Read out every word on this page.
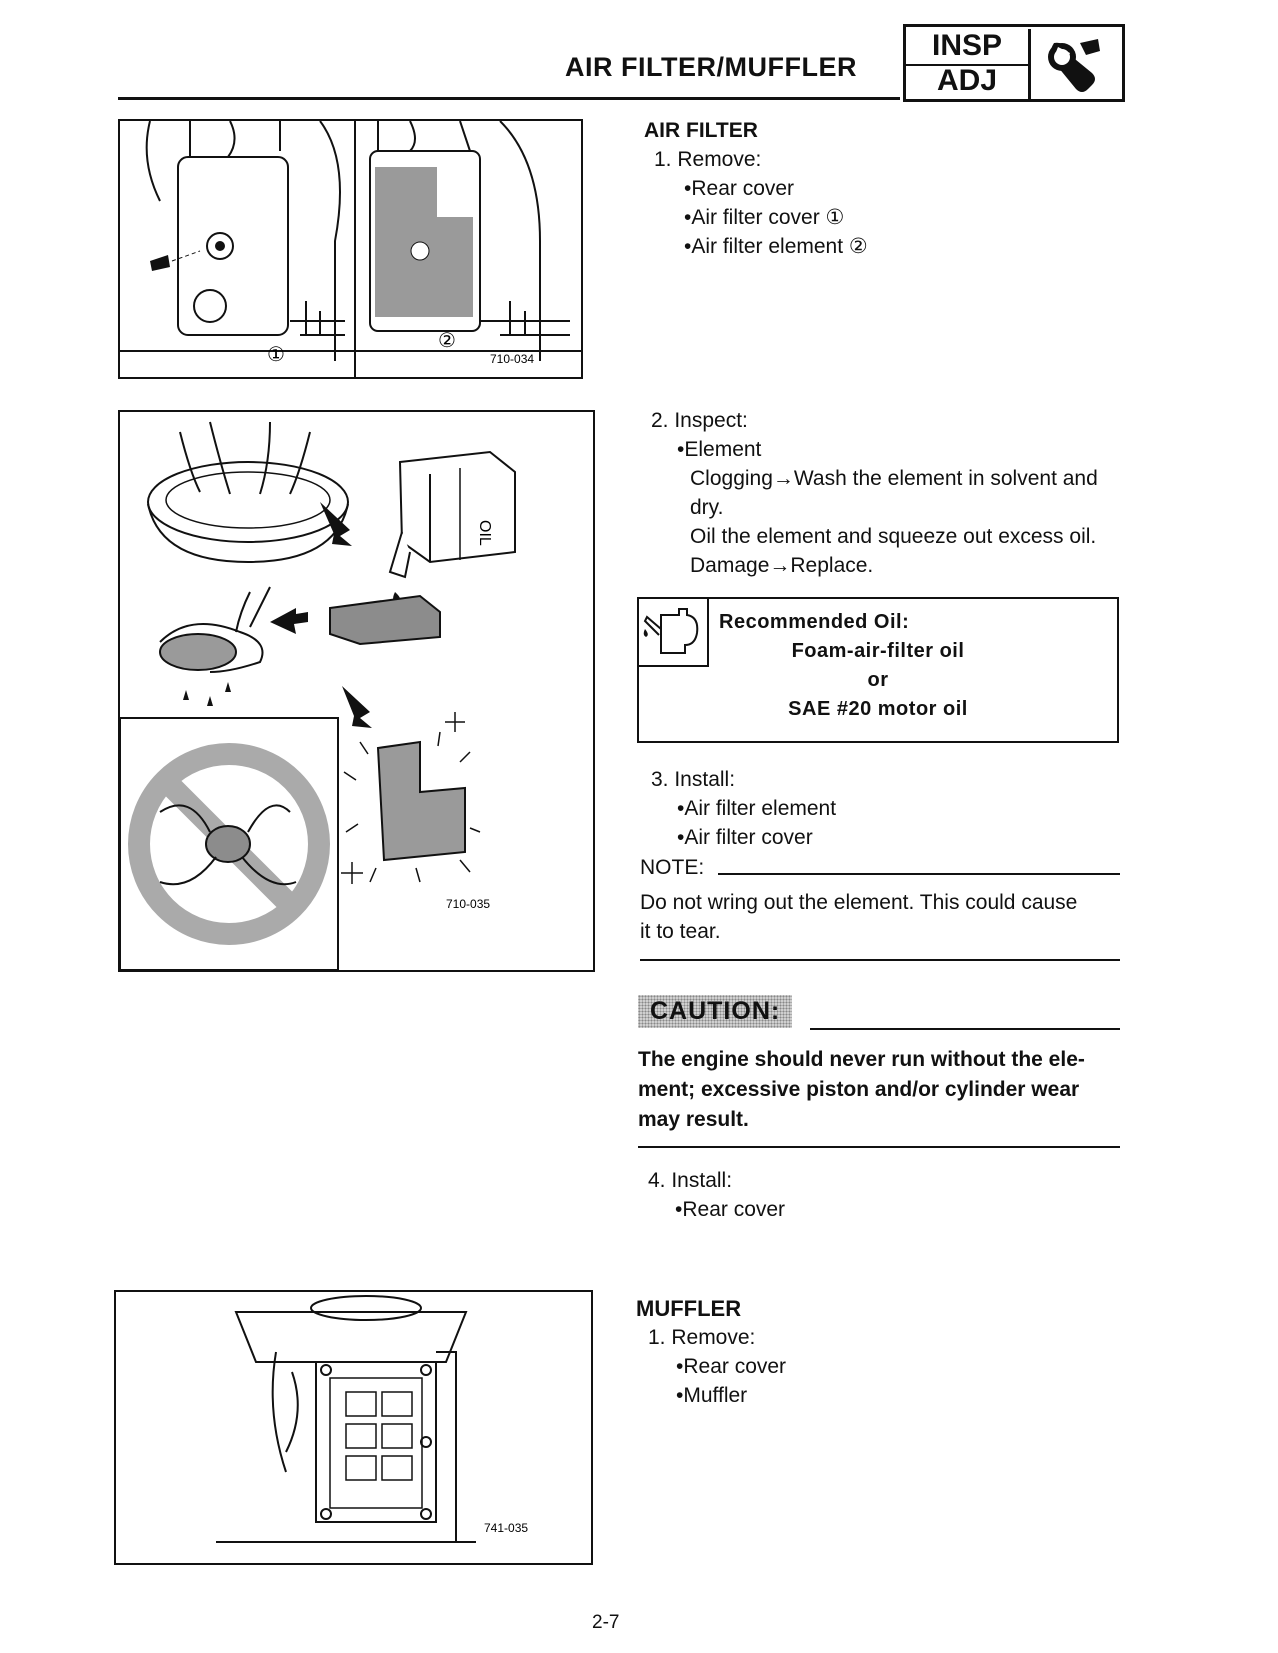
AIR FILTER/MUFFLER
INSP
ADJ
①
②
710-034
OIL
710-035
741-035
AIR FILTER
1. Remove:
•Rear cover
•Air filter cover ①
•Air filter element ②
2. Inspect:
•Element
Clogging→Wash the element in solvent and
dry.
Oil the element and squeeze out excess oil.
Damage→Replace.
Recommended Oil:
Foam-air-filter oil
or
SAE #20 motor oil
3. Install:
•Air filter element
•Air filter cover
NOTE:
Do not wring out the element. This could cause
it to tear.
CAUTION:
The engine should never run without the ele-
ment; excessive piston and/or cylinder wear
may result.
4. Install:
•Rear cover
MUFFLER
1. Remove:
•Rear cover
•Muffler
2-7
